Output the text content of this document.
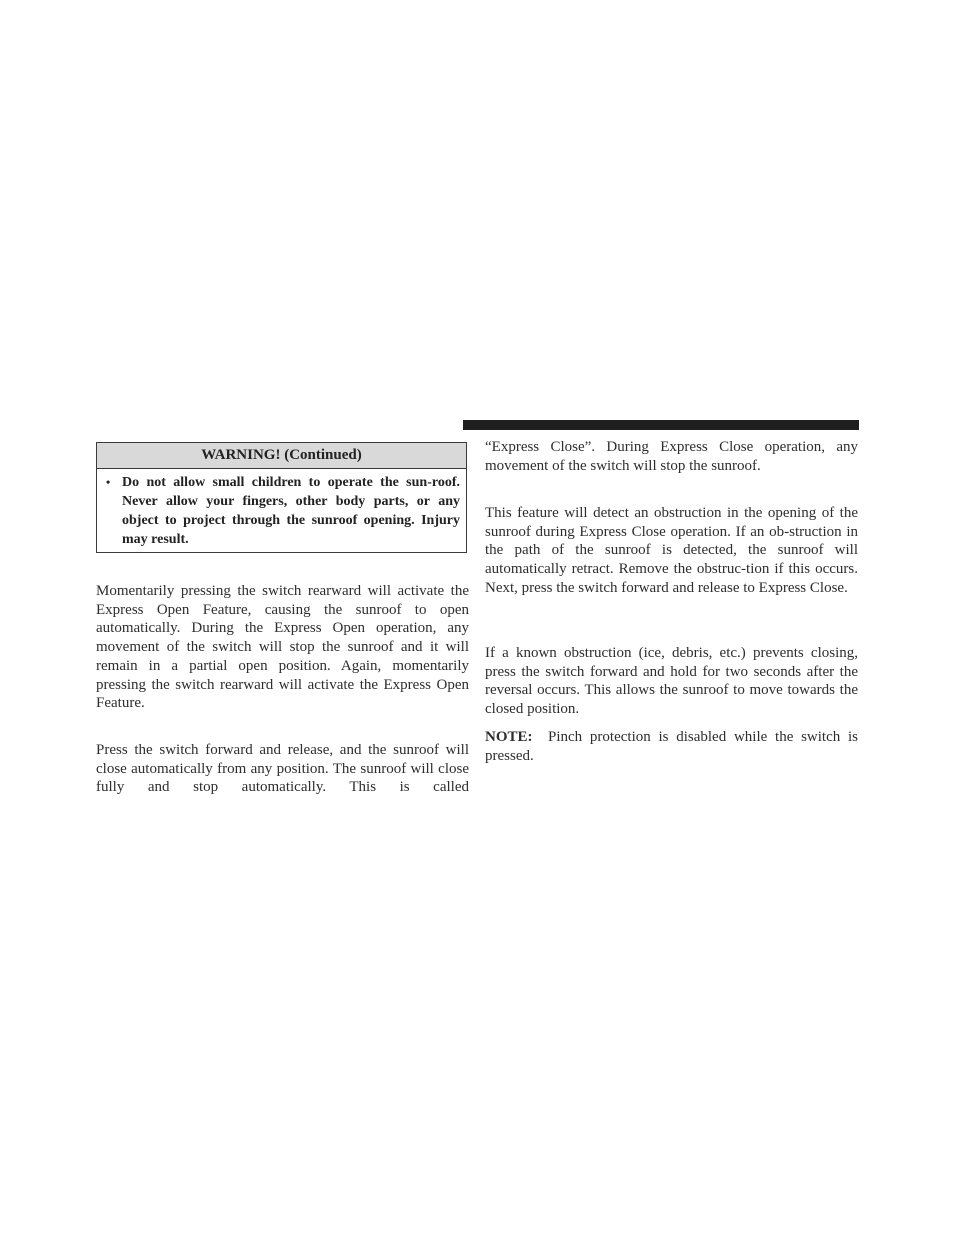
WARNING! (Continued)
• Do not allow small children to operate the sun-roof. Never allow your fingers, other body parts, or any object to project through the sunroof opening. Injury may result.
Momentarily pressing the switch rearward will activate the Express Open Feature, causing the sunroof to open automatically. During the Express Open operation, any movement of the switch will stop the sunroof and it will remain in a partial open position. Again, momentarily pressing the switch rearward will activate the Express Open Feature.
Press the switch forward and release, and the sunroof will close automatically from any position. The sunroof will close fully and stop automatically. This is called
“Express Close”. During Express Close operation, any movement of the switch will stop the sunroof.
This feature will detect an obstruction in the opening of the sunroof during Express Close operation. If an ob-struction in the path of the sunroof is detected, the sunroof will automatically retract. Remove the obstruc-tion if this occurs. Next, press the switch forward and release to Express Close.
If a known obstruction (ice, debris, etc.) prevents closing, press the switch forward and hold for two seconds after the reversal occurs. This allows the sunroof to move towards the closed position.
NOTE: Pinch protection is disabled while the switch is pressed.
